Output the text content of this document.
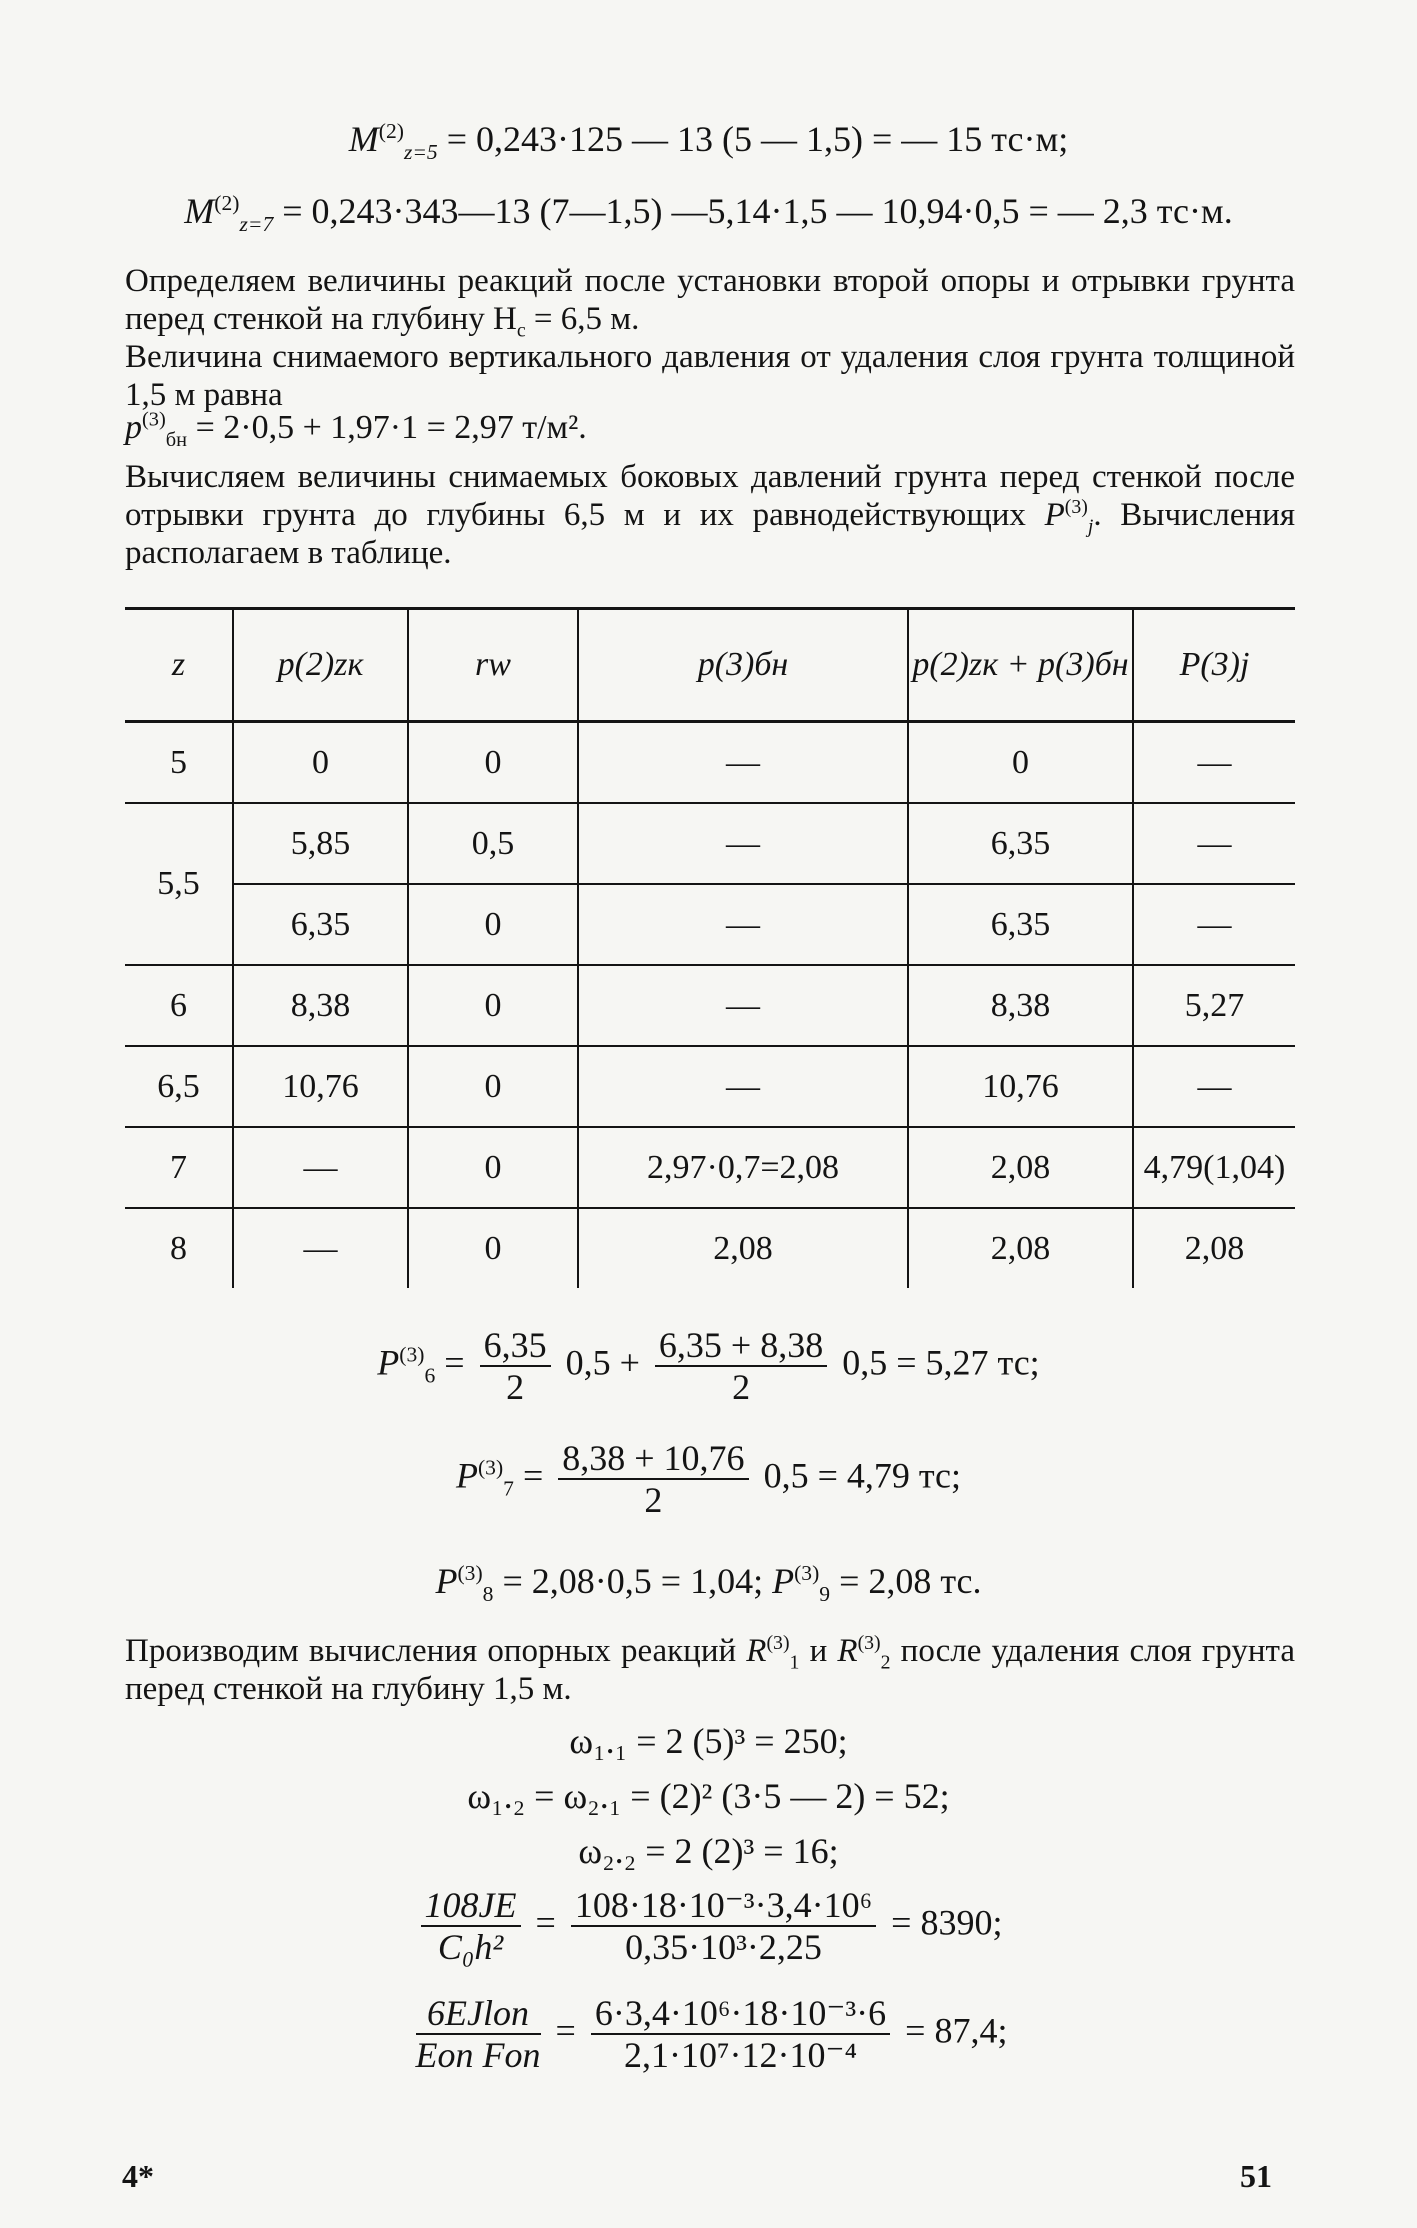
$M^{(2)}_{z=5} = 0,243\cdot 125$ — 13 (5 — 1,5) = — 15 тс·м;
$M^{(2)}_{z=7}$ = 0,243·343—13 (7—1,5) —5,14·1,5 — 10,94·0,5 = — 2,3 тс·м.
Определяем величины реакций после установки второй опоры и отрывки грунта перед стенкой на глубину $H_с = 6,5$ м.
Величина снимаемого вертикального давления от удаления слоя грунта толщиной 1,5 м равна
$p^{(3)}_{бн} = 2\cdot 0,5 + 1,97\cdot 1 = 2,97$ т/м².
Вычисляем величины снимаемых боковых давлений грунта перед стенкой после отрывки грунта до глубины 6,5 м и их равнодействующих $P^{(3)}_j$. Вычисления располагаем в таблице.
z	p(2)zк	rw	p(3)бн	p(2)zк + p(3)бн	P(3)j
5	0	0	—	0	—
5,5	5,85	0,5	—	6,35	—
	6,35	0	—	6,35	—
6	8,38	0	—	8,38	5,27
6,5	10,76	0	—	10,76	—
7	—	0	2,97·0,7=2,08	2,08	4,79(1,04)
8	—	0	2,08	2,08	2,08
$P^{(3)}_6 = \frac{6,35}{2} 0,5 + \frac{6,35 + 8,38}{2} 0,5 = 5,27$ тс;
$P^{(3)}_7 = \frac{8,38 + 10,76}{2} 0,5 = 4,79$ тс;
$P^{(3)}_8 = 2,08\cdot 0,5 = 1,04$; $P^{(3)}_9 = 2,08$ тс.
Производим вычисления опорных реакций $R^{(3)}_1$ и $R^{(3)}_2$ после удаления слоя грунта перед стенкой на глубину 1,5 м.
ω₁.₁ = 2 (5)³ = 250;
ω₁.₂ = ω₂.₁ = (2)² (3·5 — 2) = 52;
ω₂.₂ = 2 (2)³ = 16;
$\frac{108JE}{\text{C₀h²}} = \frac{\text{108·18·10⁻³·3,4·10⁶}}{\text{0,35·10³·2,25}} = 8390$;
$\frac{\text{6EJlоп}}{\text{Eоп Fоп}} = \frac{\text{6·3,4·10⁶·18·10⁻³·6}}{\text{2,1·10⁷·12·10⁻⁴}} = 87,4$;
4*	51
